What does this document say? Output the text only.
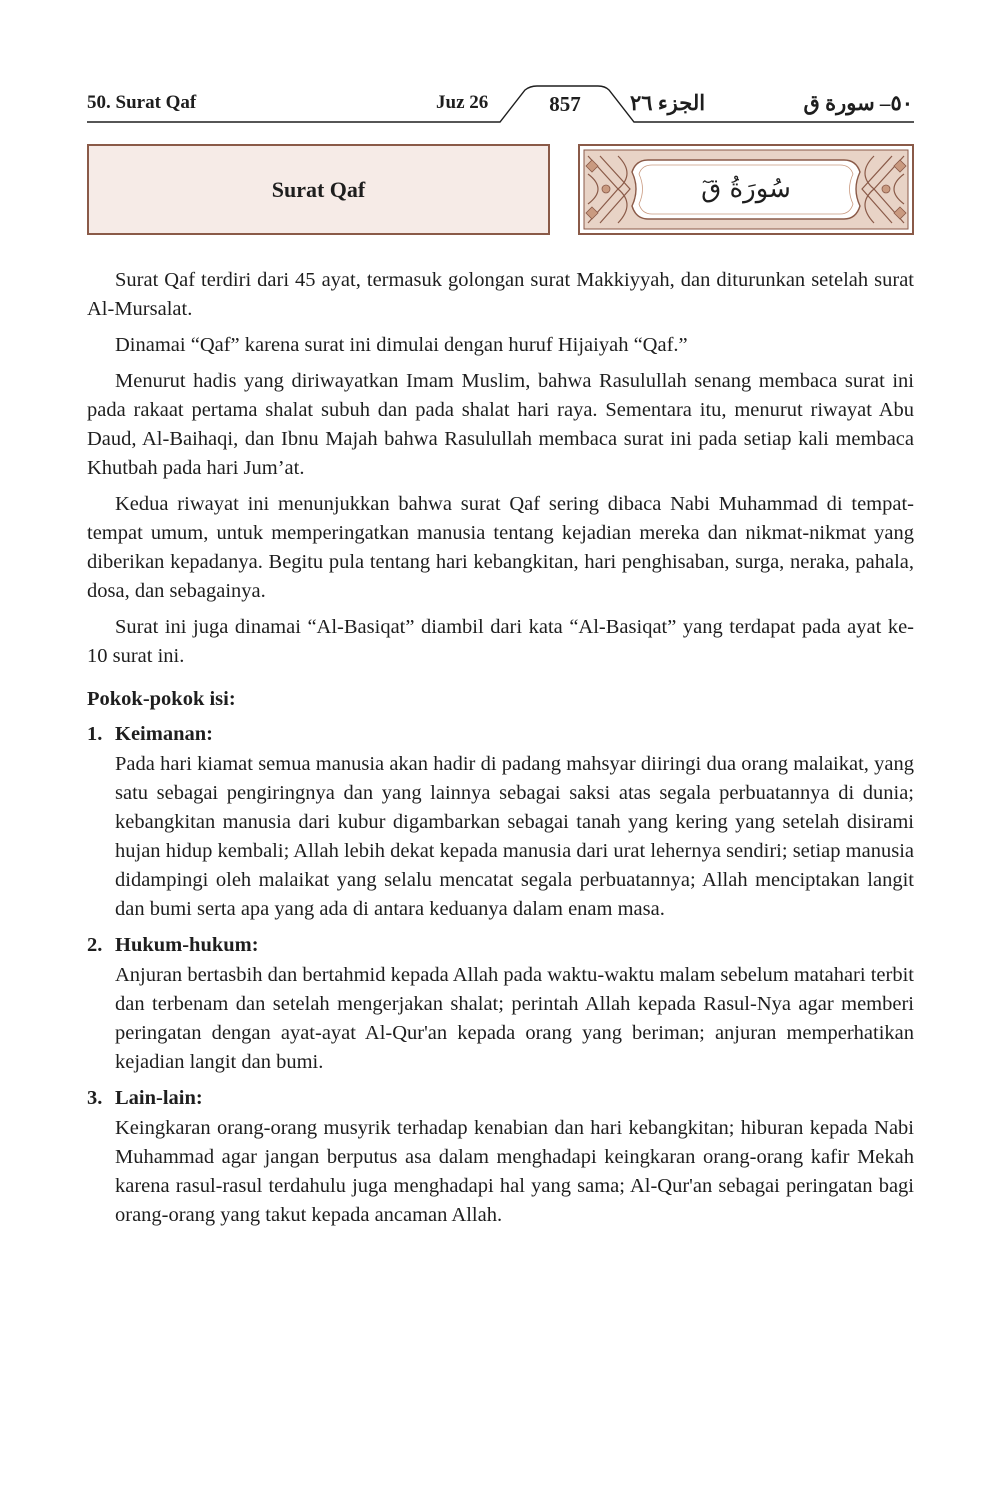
50. Surat Qaf	Juz 26	857	الجزء ٢٦	٥٠– سورة ق
Surat Qaf	سُورَةُ قٓ

Surat Qaf terdiri dari 45 ayat, termasuk golongan surat Makkiyyah, dan diturunkan setelah surat Al-Mursalat.

Dinamai “Qaf” karena surat ini dimulai dengan huruf Hijaiyah “Qaf.”

Menurut hadis yang diriwayatkan Imam Muslim, bahwa Rasulullah senang membaca surat ini pada rakaat pertama shalat subuh dan pada shalat hari raya. Sementara itu, menurut riwayat Abu Daud, Al-Baihaqi, dan Ibnu Majah bahwa Rasulullah membaca surat ini pada setiap kali membaca Khutbah pada hari Jum’at.

Kedua riwayat ini menunjukkan bahwa surat Qaf sering dibaca Nabi Muhammad di tempat-tempat umum, untuk memperingatkan manusia tentang kejadian mereka dan nikmat-nikmat yang diberikan kepadanya. Begitu pula tentang hari kebangkitan, hari penghisaban, surga, neraka, pahala, dosa, dan sebagainya.

Surat ini juga dinamai “Al-Basiqat” diambil dari kata “Al-Basiqat” yang terdapat pada ayat ke-10 surat ini.

Pokok-pokok isi:
1. Keimanan:
Pada hari kiamat semua manusia akan hadir di padang mahsyar diiringi dua orang malaikat, yang satu sebagai pengiringnya dan yang lainnya sebagai saksi atas segala perbuatannya di dunia; kebangkitan manusia dari kubur digambarkan sebagai tanah yang kering yang setelah disirami hujan hidup kembali; Allah lebih dekat kepada manusia dari urat lehernya sendiri; setiap manusia didampingi oleh malaikat yang selalu mencatat segala perbuatannya; Allah menciptakan langit dan bumi serta apa yang ada di antara keduanya dalam enam masa.
2. Hukum-hukum:
Anjuran bertasbih dan bertahmid kepada Allah pada waktu-waktu malam sebelum matahari terbit dan terbenam dan setelah mengerjakan shalat; perintah Allah kepada Rasul-Nya agar memberi peringatan dengan ayat-ayat Al-Qur'an kepada orang yang beriman; anjuran memperhatikan kejadian langit dan bumi.
3. Lain-lain:
Keingkaran orang-orang musyrik terhadap kenabian dan hari kebangkitan; hiburan kepada Nabi Muhammad agar jangan berputus asa dalam menghadapi keingkaran orang-orang kafir Mekah karena rasul-rasul terdahulu juga menghadapi hal yang sama; Al-Qur'an sebagai peringatan bagi orang-orang yang takut kepada ancaman Allah.
